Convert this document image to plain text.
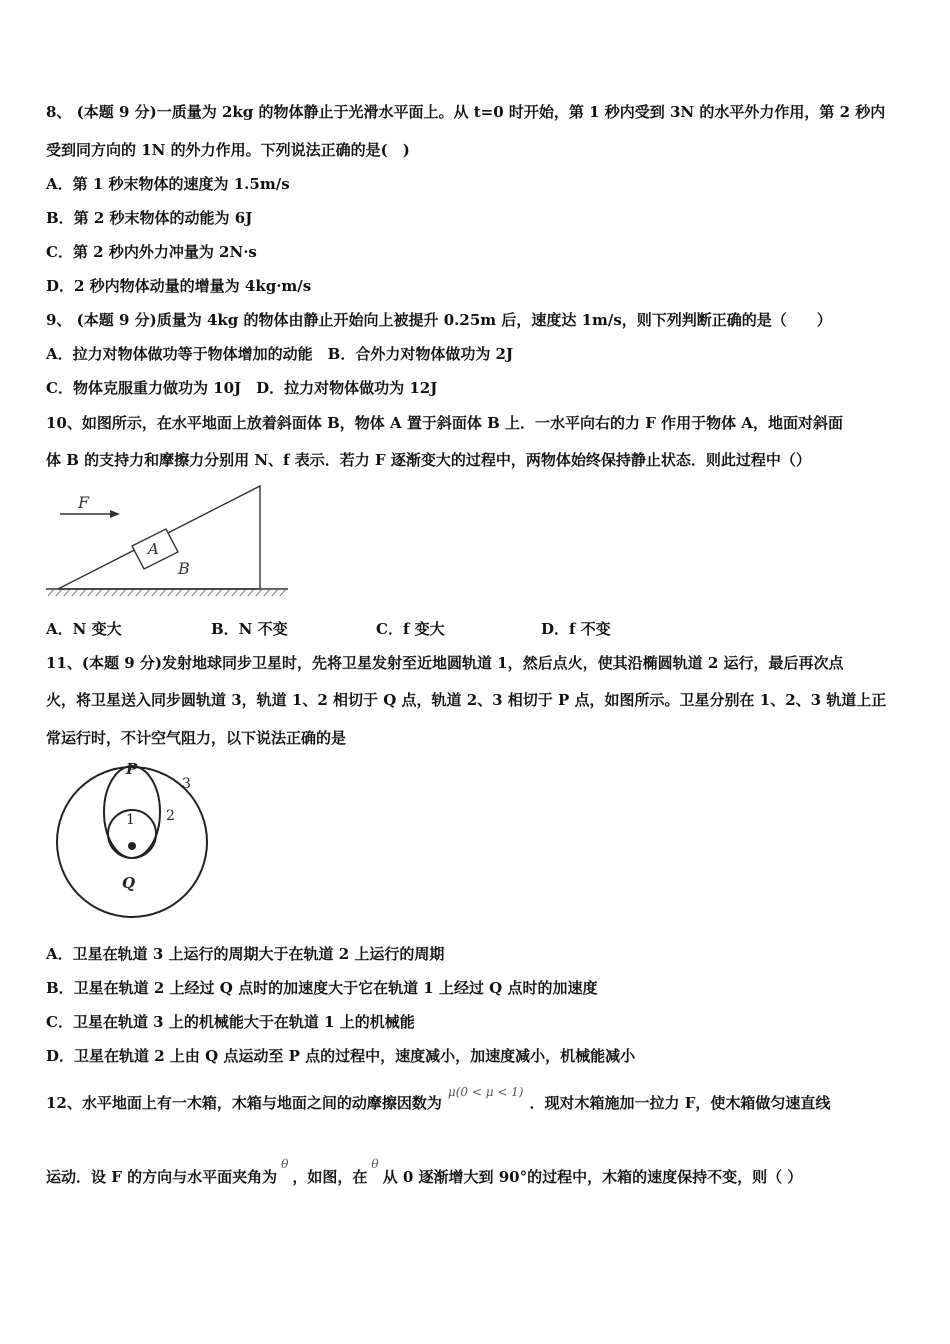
8、 (本题 9 分)一质量为 2kg 的物体静止于光滑水平面上。从 t=0 时开始，第 1 秒内受到 3N 的水平外力作用，第 2 秒内
受到同方向的 1N 的外力作用。下列说法正确的是(　)
A．第 1 秒末物体的速度为 1.5m/s
B．第 2 秒末物体的动能为 6J
C．第 2 秒内外力冲量为 2N·s
D．2 秒内物体动量的增量为 4kg·m/s
9、 (本题 9 分)质量为 4kg 的物体由静止开始向上被提升 0.25m 后，速度达 1m/s，则下列判断正确的是（　　）
A．拉力对物体做功等于物体增加的动能　B．合外力对物体做功为 2J
C．物体克服重力做功为 10J　D．拉力对物体做功为 12J
10、如图所示，在水平地面上放着斜面体 B，物体 A 置于斜面体 B 上．一水平向右的力 F 作用于物体 A，地面对斜面
体 B 的支持力和摩擦力分别用 N、f 表示．若力 F 逐渐变大的过程中，两物体始终保持静止状态．则此过程中（）
F
A
B
A．N 变大	B．N 不变	C．f 变大	D．f 不变
11、(本题 9 分)发射地球同步卫星时，先将卫星发射至近地圆轨道 1，然后点火，使其沿椭圆轨道 2 运行，最后再次点
火，将卫星送入同步圆轨道 3，轨道 1、2 相切于 Q 点，轨道 2、3 相切于 P 点，如图所示。卫星分别在 1、2、3 轨道上正
常运行时，不计空气阻力，以下说法正确的是
P
Q
1 2
3
A．卫星在轨道 3 上运行的周期大于在轨道 2 上运行的周期
B．卫星在轨道 2 上经过 Q 点时的加速度大于它在轨道 1 上经过 Q 点时的加速度
C．卫星在轨道 3 上的机械能大于在轨道 1 上的机械能
D．卫星在轨道 2 上由 Q 点运动至 P 点的过程中，速度减小，加速度减小，机械能减小
12、水平地面上有一木箱，木箱与地面之间的动摩擦因数为$^{\mu(0 < \mu < 1)}$．现对木箱施加一拉力 F，使木箱做匀速直线
运动．设 F 的方向与水平面夹角为$^\theta$，如图，在$^\theta$从 0 逐渐增大到 90°的过程中，木箱的速度保持不变，则（ ）
